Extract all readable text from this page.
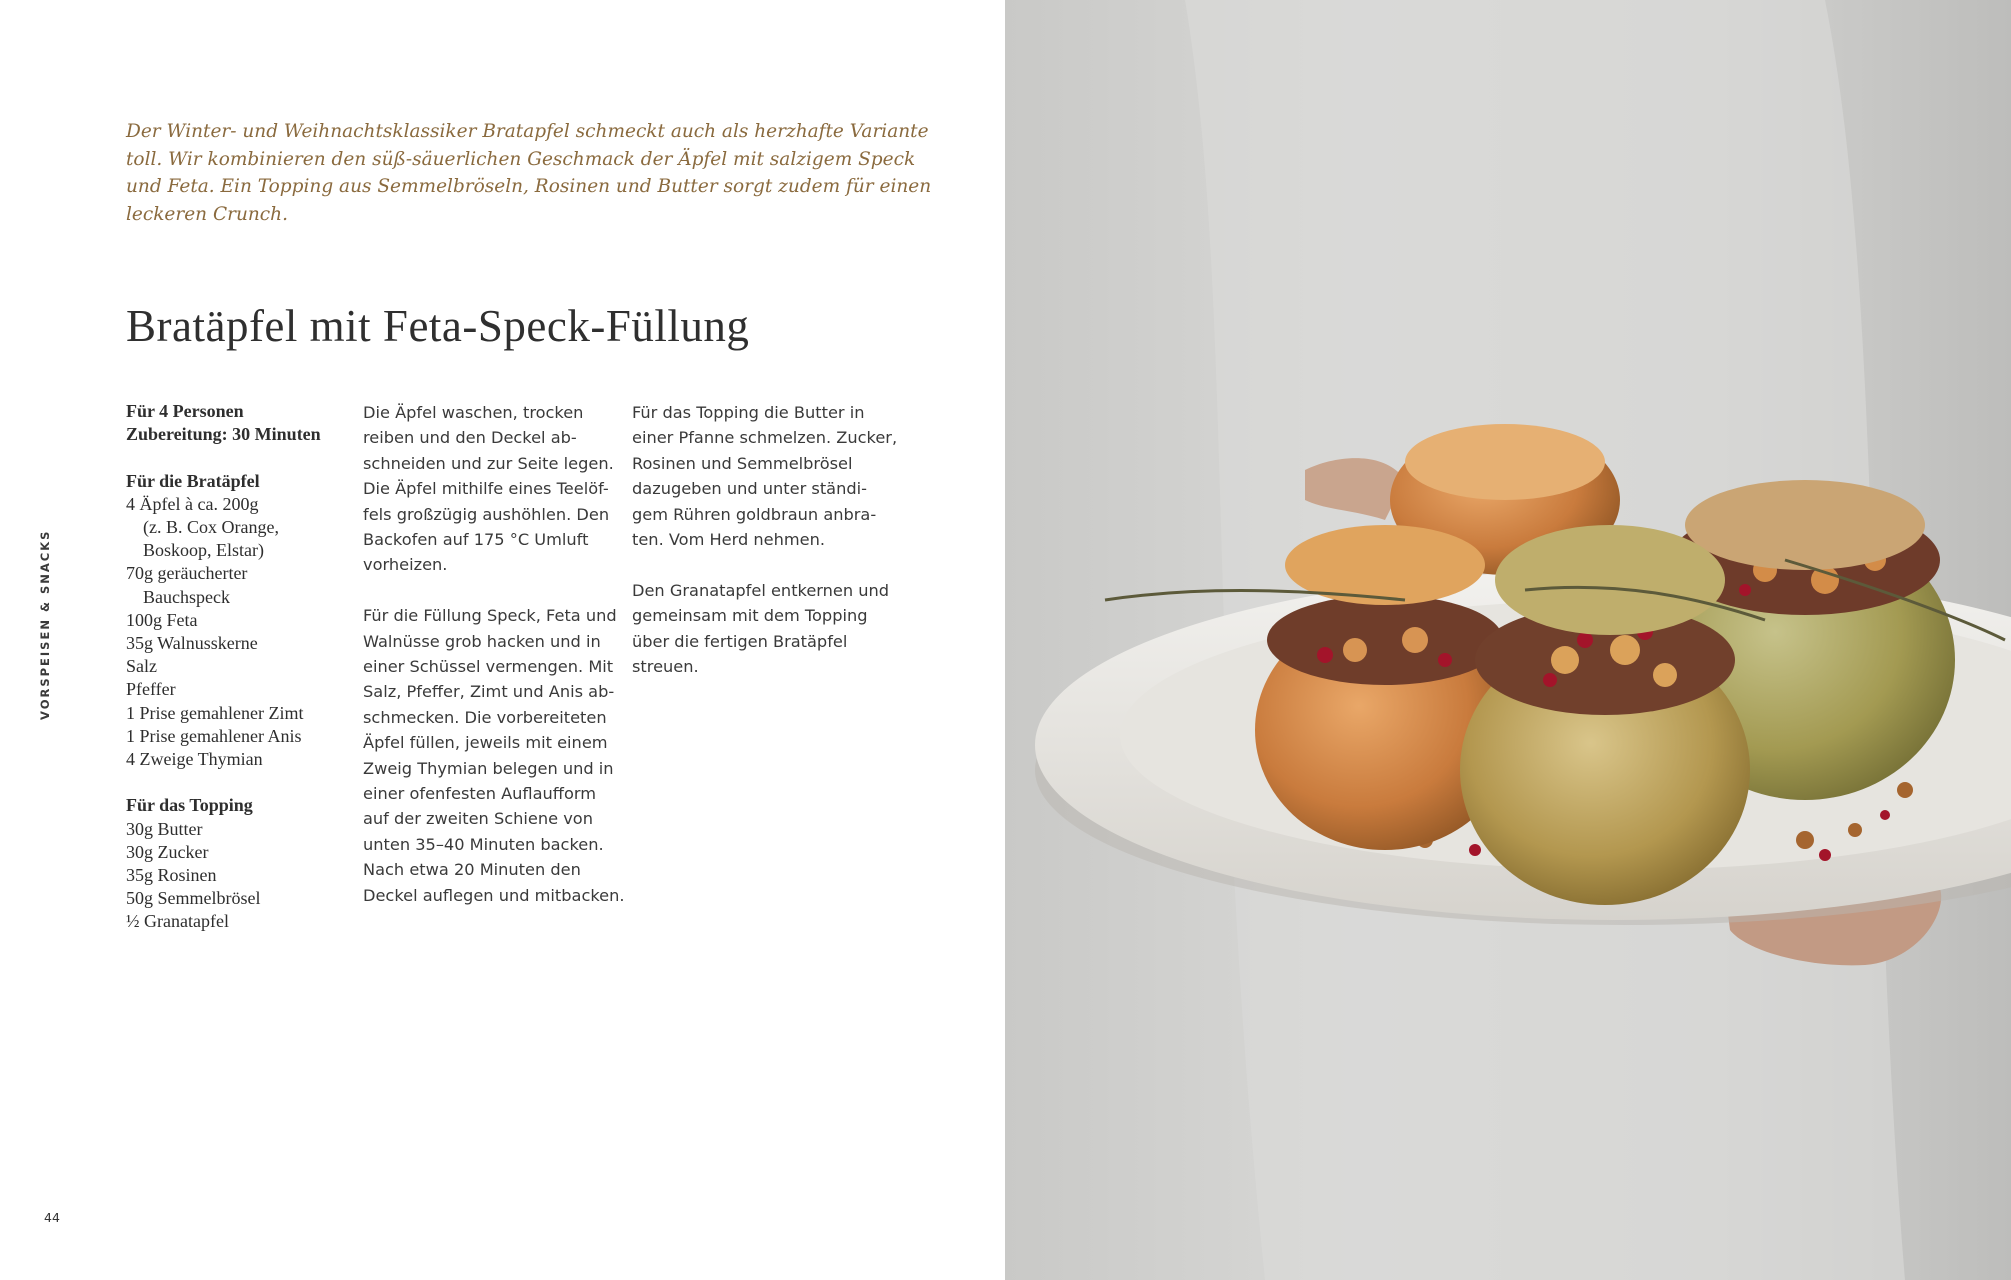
Der Winter- und Weihnachtsklassiker Bratapfel schmeckt auch als herzhafte Variante
toll. Wir kombinieren den süß-säuerlichen Geschmack der Äpfel mit salzigem Speck
und Feta. Ein Topping aus Semmelbröseln, Rosinen und Butter sorgt zudem für einen
leckeren Crunch.
Bratäpfel mit Feta-Speck-Füllung
Für 4 Personen
Zubereitung: 30 Minuten
Für die Bratäpfel
4 Äpfel à ca. 200g
(z. B. Cox Orange,
Boskoop, Elstar)
70g geräucherter
Bauchspeck
100g Feta
35g Walnusskerne
Salz
Pfeffer
1 Prise gemahlener Zimt
1 Prise gemahlener Anis
4 Zweige Thymian
Für das Topping
30g Butter
30g Zucker
35g Rosinen
50g Semmelbrösel
½ Granatapfel

Die Äpfel waschen, trocken
reiben und den Deckel ab-
schneiden und zur Seite legen.
Die Äpfel mithilfe eines Teelöf-
fels großzügig aushöhlen. Den
Backofen auf 175 °C Umluft
vorheizen.

Für die Füllung Speck, Feta und
Walnüsse grob hacken und in
einer Schüssel vermengen. Mit
Salz, Pfeffer, Zimt und Anis ab-
schmecken. Die vorbereiteten
Äpfel füllen, jeweils mit einem
Zweig Thymian belegen und in
einer ofenfesten Auflaufform
auf der zweiten Schiene von
unten 35–40 Minuten backen.
Nach etwa 20 Minuten den
Deckel auflegen und mitbacken.

Für das Topping die Butter in
einer Pfanne schmelzen. Zucker,
Rosinen und Semmelbrösel
dazugeben und unter ständi-
gem Rühren goldbraun anbra-
ten. Vom Herd nehmen.

Den Granatapfel entkernen und
gemeinsam mit dem Topping
über die fertigen Bratäpfel
streuen.

VORSPEISEN & SNACKS
44
